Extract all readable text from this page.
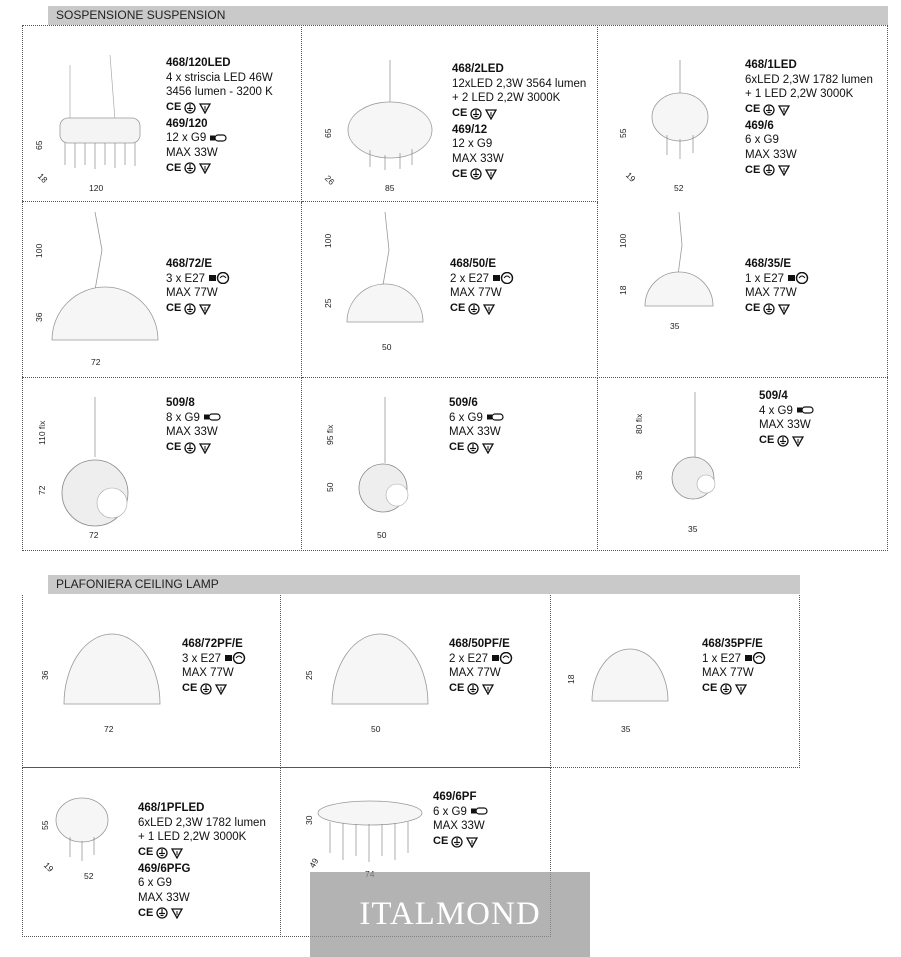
SOSPENSIONE SUSPENSION
PLAFONIERA CEILING LAMP
65
120
18
65
85
26
55
52
19
100
36
72
100
25
50
100
18
35
110 fix
72
72
95 fix
50
50
80 fix
35
35
36
72
25
50
18
35
55
52
19
30
49
468/120LED
4 x striscia LED 46W
3456 lumen - 3200 K
CE
469/120
12 x G9
MAX 33W
CE
468/2LED
12xLED 2,3W 3564 lumen
+ 2 LED 2,2W 3000K
CE
469/12
12 x G9
MAX 33W
CE
468/1LED
6xLED 2,3W 1782 lumen
+ 1 LED 2,2W 3000K
CE
469/6
6 x G9
MAX 33W
CE
468/72/E
3 x E27
MAX 77W
CE
468/50/E
2 x E27
MAX 77W
CE
468/35/E
1 x E27
MAX 77W
CE
509/8
8 x G9
MAX 33W
CE
509/6
6 x G9
MAX 33W
CE
509/4
4 x G9
MAX 33W
CE
468/72PF/E
3 x E27
MAX 77W
CE
468/50PF/E
2 x E27
MAX 77W
CE
468/35PF/E
1 x E27
MAX 77W
CE
468/1PFLED
6xLED 2,3W 1782 lumen
+ 1 LED 2,2W 3000K
CE
469/6PFG
6 x G9
MAX 33W
CE
469/6PF
6 x G9
MAX 33W
CE
ITALMOND
